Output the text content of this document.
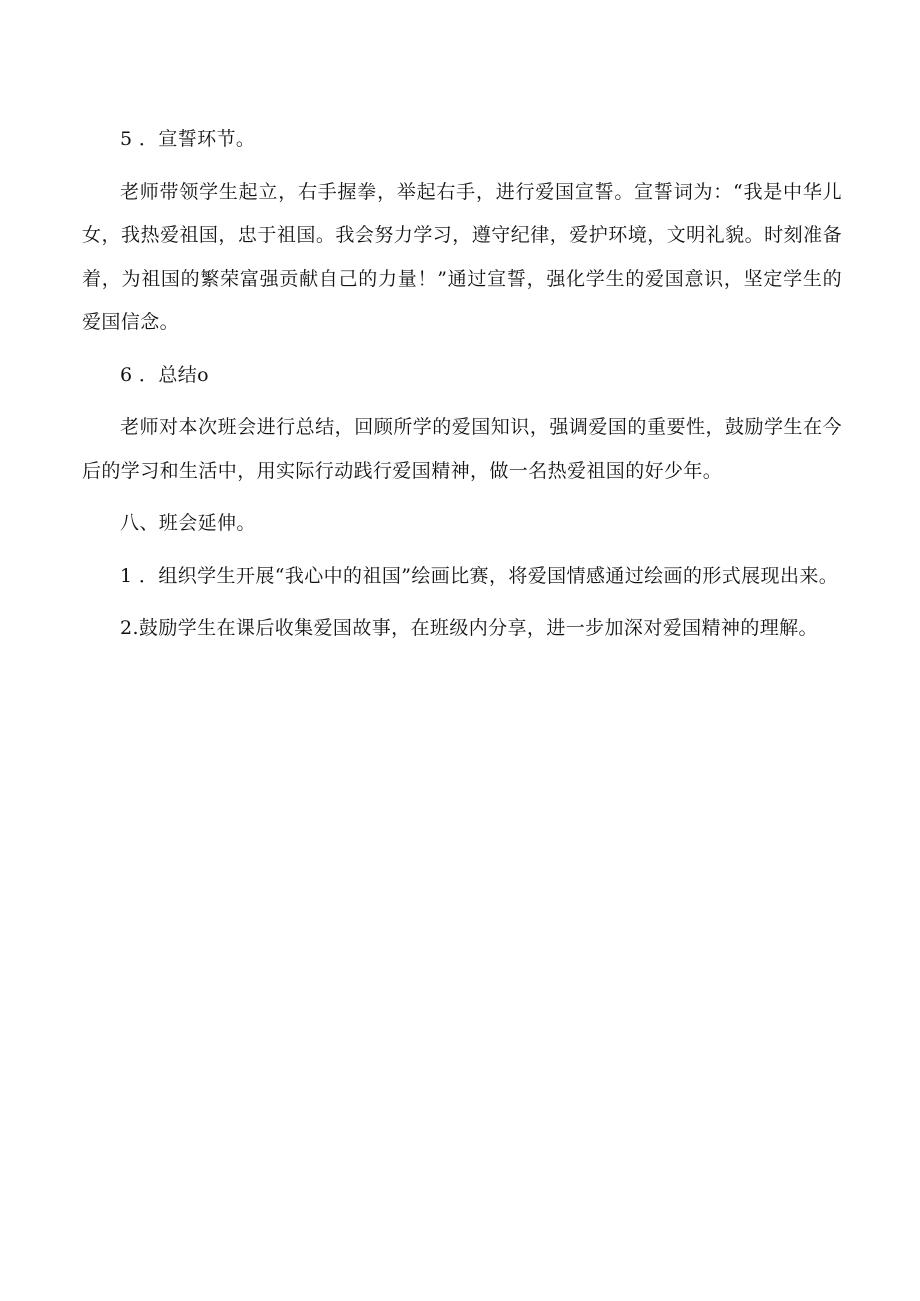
5 ．宣誓环节。

老师带领学生起立，右手握拳，举起右手，进行爱国宣誓。宣誓词为：“我是中华儿女，我热爱祖国，忠于祖国。我会努力学习，遵守纪律，爱护环境，文明礼貌。时刻准备着，为祖国的繁荣富强贡献自己的力量！”通过宣誓，强化学生的爱国意识，坚定学生的爱国信念。

6 ．总结o

老师对本次班会进行总结，回顾所学的爱国知识，强调爱国的重要性，鼓励学生在今后的学习和生活中，用实际行动践行爱国精神，做一名热爱祖国的好少年。

八、班会延伸。

1 ．组织学生开展“我心中的祖国”绘画比赛，将爱国情感通过绘画的形式展现出来。

2.鼓励学生在课后收集爱国故事，在班级内分享，进一步加深对爱国精神的理解。
